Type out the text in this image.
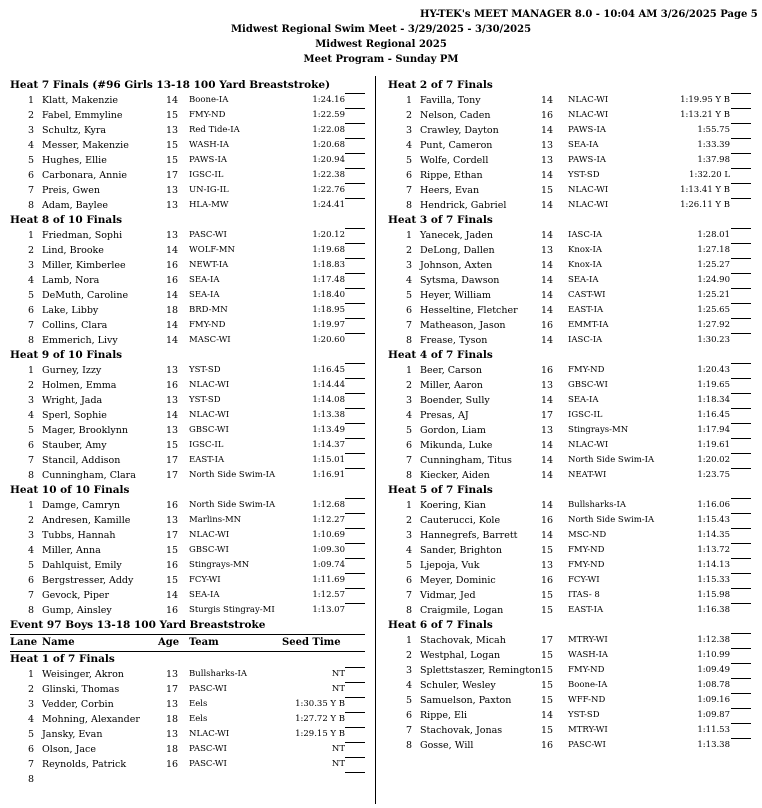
HY-TEK's MEET MANAGER 8.0 - 10:04 AM 3/26/2025 Page 5
Midwest Regional Swim Meet - 3/29/2025 - 3/30/2025
Midwest Regional 2025
Meet Program - Sunday PM
Heat 7 Finals (#96 Girls 13-18 100 Yard Breaststroke)
1 Klatt, Makenzie	14 Boone-IA	1:24.16
2 Fabel, Emmyline	15 FMY-ND	1:22.59
3 Schultz, Kyra	13 Red Tide-IA	1:22.08
4 Messer, Makenzie	15 WASH-IA	1:20.68
5 Hughes, Ellie	15 PAWS-IA	1:20.94
6 Carbonara, Annie	17 IGSC-IL	1:22.38
7 Preis, Gwen	13 UN-IG-IL	1:22.76
8 Adam, Baylee	13 HLA-MW	1:24.41
Heat 8 of 10 Finals
1 Friedman, Sophi	13 PASC-WI	1:20.12
2 Lind, Brooke	14 WOLF-MN	1:19.68
3 Miller, Kimberlee	16 NEWT-IA	1:18.83
4 Lamb, Nora	16 SEA-IA	1:17.48
5 DeMuth, Caroline	14 SEA-IA	1:18.40
6 Lake, Libby	18 BRD-MN	1:18.95
7 Collins, Clara	14 FMY-ND	1:19.97
8 Emmerich, Livy	14 MASC-WI	1:20.60
Heat 9 of 10 Finals
1 Gurney, Izzy	13 YST-SD	1:16.45
2 Holmen, Emma	16 NLAC-WI	1:14.44
3 Wright, Jada	13 YST-SD	1:14.08
4 Sperl, Sophie	14 NLAC-WI	1:13.38
5 Mager, Brooklynn	13 GBSC-WI	1:13.49
6 Stauber, Amy	15 IGSC-IL	1:14.37
7 Stancil, Addison	17 EAST-IA	1:15.01
8 Cunningham, Clara	17 North Side Swim-IA	1:16.91
Heat 10 of 10 Finals
1 Damge, Camryn	16 North Side Swim-IA	1:12.68
2 Andresen, Kamille	13 Marlins-MN	1:12.27
3 Tubbs, Hannah	17 NLAC-WI	1:10.69
4 Miller, Anna	15 GBSC-WI	1:09.30
5 Dahlquist, Emily	16 Stingrays-MN	1:09.74
6 Bergstresser, Addy	15 FCY-WI	1:11.69
7 Gevock, Piper	14 SEA-IA	1:12.57
8 Gump, Ainsley	16 Sturgis Stingray-MI	1:13.07
Event 97 Boys 13-18 100 Yard Breaststroke
Lane Name	Age Team	Seed Time
Heat 1 of 7 Finals
1 Weisinger, Akron	13 Bullsharks-IA	NT
2 Glinski, Thomas	17 PASC-WI	NT
3 Vedder, Corbin	13 Eels	1:30.35 Y B
4 Mohning, Alexander	18 Eels	1:27.72 Y B
5 Jansky, Evan	13 NLAC-WI	1:29.15 Y B
6 Olson, Jace	18 PASC-WI	NT
7 Reynolds, Patrick	16 PASC-WI	NT
8
Heat 2 of 7 Finals
1 Favilla, Tony	14 NLAC-WI	1:19.95 Y B
2 Nelson, Caden	16 NLAC-WI	1:13.21 Y B
3 Crawley, Dayton	14 PAWS-IA	1:55.75
4 Punt, Cameron	13 SEA-IA	1:33.39
5 Wolfe, Cordell	13 PAWS-IA	1:37.98
6 Rippe, Ethan	14 YST-SD	1:32.20 L
7 Heers, Evan	15 NLAC-WI	1:13.41 Y B
8 Hendrick, Gabriel	14 NLAC-WI	1:26.11 Y B
Heat 3 of 7 Finals
1 Yanecek, Jaden	14 IASC-IA	1:28.01
2 DeLong, Dallen	13 Knox-IA	1:27.18
3 Johnson, Axten	14 Knox-IA	1:25.27
4 Sytsma, Dawson	14 SEA-IA	1:24.90
5 Heyer, William	14 CAST-WI	1:25.21
6 Hesseltine, Fletcher 14 EAST-IA	1:25.65
7 Matheason, Jason	16 EMMT-IA	1:27.92
8 Frease, Tyson	14 IASC-IA	1:30.23
Heat 4 of 7 Finals
1 Beer, Carson	16 FMY-ND	1:20.43
2 Miller, Aaron	13 GBSC-WI	1:19.65
3 Boender, Sully	14 SEA-IA	1:18.34
4 Presas, AJ	17 IGSC-IL	1:16.45
5 Gordon, Liam	13 Stingrays-MN	1:17.94
6 Mikunda, Luke	14 NLAC-WI	1:19.61
7 Cunningham, Titus	14 North Side Swim-IA	1:20.02
8 Kiecker, Aiden	14 NEAT-WI	1:23.75
Heat 5 of 7 Finals
1 Koering, Kian	14 Bullsharks-IA	1:16.06
2 Cauterucci, Kole	16 North Side Swim-IA	1:15.43
3 Hannegrefs, Barrett 14 MSC-ND	1:14.35
4 Sander, Brighton	15 FMY-ND	1:13.72
5 Ljepoja, Vuk	13 FMY-ND	1:14.13
6 Meyer, Dominic	16 FCY-WI	1:15.33
7 Vidmar, Jed	15 ITAS- 8	1:15.98
8 Craigmile, Logan	15 EAST-IA	1:16.38
Heat 6 of 7 Finals
1 Stachovak, Micah	17 MTRY-WI	1:12.38
2 Westphal, Logan	15 WASH-IA	1:10.99
3 Splettstaszer, Remington 15 FMY-ND	1:09.49
4 Schuler, Wesley	15 Boone-IA	1:08.78
5 Samuelson, Paxton	15 WFF-ND	1:09.16
6 Rippe, Eli	14 YST-SD	1:09.87
7 Stachovak, Jonas	15 MTRY-WI	1:11.53
8 Gosse, Will	16 PASC-WI	1:13.38
